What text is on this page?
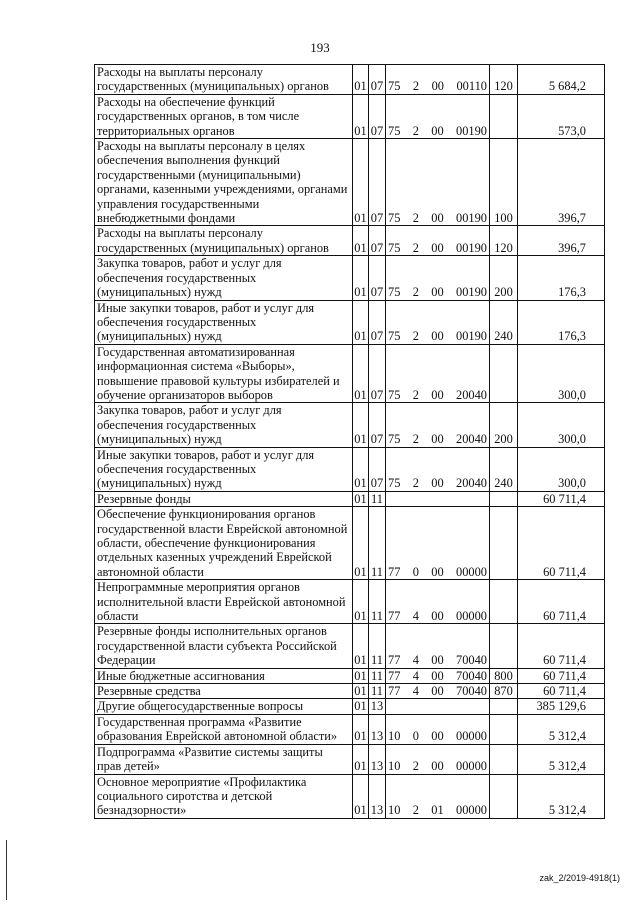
193
Расходы на выплаты персоналу государственных (муниципальных) органов	01	07	75 2 00 00110	120	5 684,2
Расходы на обеспечение функций государственных органов, в том числе территориальных органов	01	07	75 2 00 00190		573,0
Расходы на выплаты персоналу в целях обеспечения выполнения функций государственными (муниципальными) органами, казенными учреждениями, органами управления государственными внебюджетными фондами	01	07	75 2 00 00190	100	396,7
Расходы на выплаты персоналу государственных (муниципальных) органов	01	07	75 2 00 00190	120	396,7
Закупка товаров, работ и услуг для обеспечения государственных (муниципальных) нужд	01	07	75 2 00 00190	200	176,3
Иные закупки товаров, работ и услуг для обеспечения государственных (муниципальных) нужд	01	07	75 2 00 00190	240	176,3
Государственная автоматизированная информационная система «Выборы», повышение правовой культуры избирателей и обучение организаторов выборов	01	07	75 2 00 20040		300,0
Закупка товаров, работ и услуг для обеспечения государственных (муниципальных) нужд	01	07	75 2 00 20040	200	300,0
Иные закупки товаров, работ и услуг для обеспечения государственных (муниципальных) нужд	01	07	75 2 00 20040	240	300,0
Резервные фонды	01	11			60 711,4
Обеспечение функционирования органов государственной власти Еврейской автономной области, обеспечение функционирования отдельных казенных учреждений Еврейской автономной области	01	11	77 0 00 00000		60 711,4
Непрограммные мероприятия органов исполнительной власти Еврейской автономной области	01	11	77 4 00 00000		60 711,4
Резервные фонды исполнительных органов государственной власти субъекта Российской Федерации	01	11	77 4 00 70040		60 711,4
Иные бюджетные ассигнования	01	11	77 4 00 70040	800	60 711,4
Резервные средства	01	11	77 4 00 70040	870	60 711,4
Другие общегосударственные вопросы	01	13			385 129,6
Государственная программа «Развитие образования Еврейской автономной области»	01	13	10 0 00 00000		5 312,4
Подпрограмма «Развитие системы защиты прав детей»	01	13	10 2 00 00000		5 312,4
Основное мероприятие «Профилактика социального сиротства и детской безнадзорности»	01	13	10 2 01 00000		5 312,4
zak_2/2019-4918(1)
